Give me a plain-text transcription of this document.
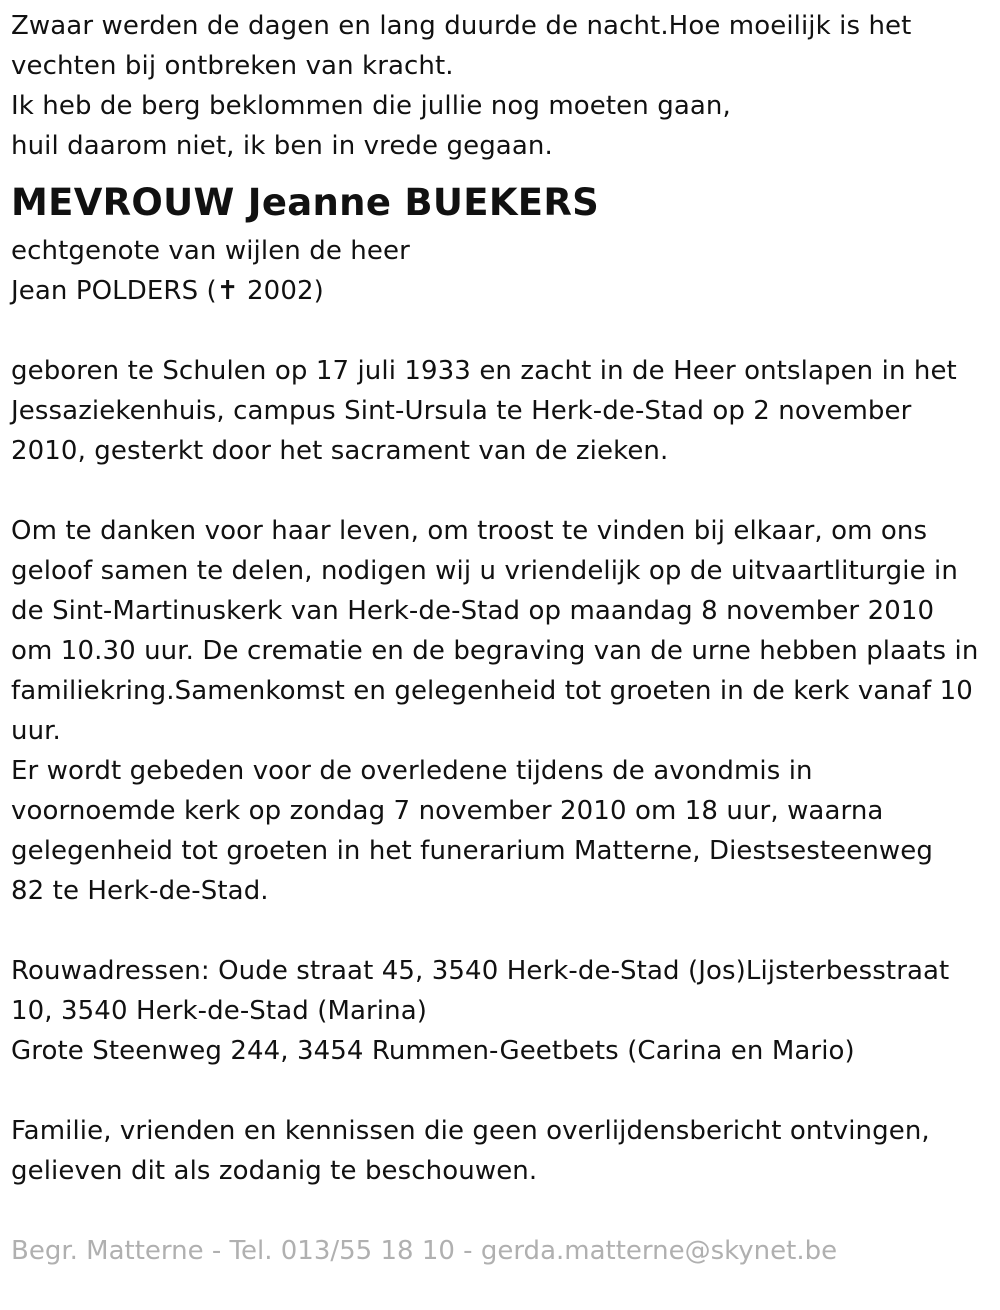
Zwaar werden de dagen en lang duurde de nacht.Hoe moeilijk is het
vechten bij ontbreken van kracht.
Ik heb de berg beklommen die jullie nog moeten gaan,
huil daarom niet, ik ben in vrede gegaan.
MEVROUW Jeanne BUEKERS
echtgenote van wijlen de heer
Jean POLDERS (✝ 2002)
geboren te Schulen op 17 juli 1933 en zacht in de Heer ontslapen in het
Jessaziekenhuis, campus Sint-Ursula te Herk-de-Stad op 2 november
2010, gesterkt door het sacrament van de zieken.
Om te danken voor haar leven, om troost te vinden bij elkaar, om ons
geloof samen te delen, nodigen wij u vriendelijk op de uitvaartliturgie in
de Sint-Martinuskerk van Herk-de-Stad op maandag 8 november 2010
om 10.30 uur. De crematie en de begraving van de urne hebben plaats in
familiekring.Samenkomst en gelegenheid tot groeten in de kerk vanaf 10
uur.
Er wordt gebeden voor de overledene tijdens de avondmis in
voornoemde kerk op zondag 7 november 2010 om 18 uur, waarna
gelegenheid tot groeten in het funerarium Matterne, Diestsesteenweg
82 te Herk-de-Stad.
Rouwadressen: Oude straat 45, 3540 Herk-de-Stad (Jos)Lijsterbesstraat
10, 3540 Herk-de-Stad (Marina)
Grote Steenweg 244, 3454 Rummen-Geetbets (Carina en Mario)
Familie, vrienden en kennissen die geen overlijdensbericht ontvingen,
gelieven dit als zodanig te beschouwen.
Begr. Matterne - Tel. 013/55 18 10 - gerda.matterne@skynet.be
